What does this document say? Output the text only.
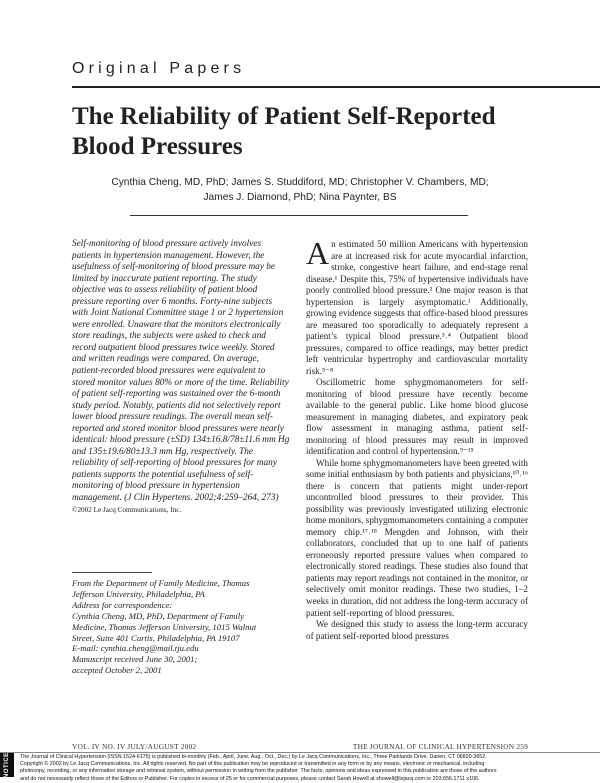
Original Papers
The Reliability of Patient Self-Reported Blood Pressures
Cynthia Cheng, MD, PhD; James S. Studdiford, MD; Christopher V. Chambers, MD;
James J. Diamond, PhD; Nina Paynter, BS
Self-monitoring of blood pressure actively involves patients in hypertension management. However, the usefulness of self-monitoring of blood pressure may be limited by inaccurate patient reporting. The study objective was to assess reliability of patient blood pressure reporting over 6 months. Forty-nine subjects with Joint National Committee stage 1 or 2 hypertension were enrolled. Unaware that the monitors electronically store readings, the subjects were asked to check and record outpatient blood pressures twice weekly. Stored and written readings were compared. On average, patient-recorded blood pressures were equivalent to stored monitor values 80% or more of the time. Reliability of patient self-reporting was sustained over the 6-month study period. Notably, patients did not selectively report lower blood pressure readings. The overall mean self-reported and stored monitor blood pressures were nearly identical: blood pressure (±SD) 134±16.8/78±11.6 mm Hg and 135±19.6/80±13.3 mm Hg, respectively. The reliability of self-reporting of blood pressures for many patients supports the potential usefulness of self-monitoring of blood pressure in hypertension management. (J Clin Hypertens. 2002;4:259–264, 273) ©2002 Le Jacq Communications, Inc.
From the Department of Family Medicine, Thomas
Jefferson University, Philadelphia, PA
Address for correspondence:
Cynthia Cheng, MD, PhD, Department of Family
Medicine, Thomas Jefferson University, 1015 Walnut
Street, Suite 401 Curtis, Philadelphia, PA 19107
E-mail: cynthia.cheng@mail.tju.edu
Manuscript received June 30, 2001;
accepted October 2, 2001

An estimated 50 million Americans with hypertension are at increased risk for acute myocardial infarction, stroke, congestive heart failure, and end-stage renal disease.¹ Despite this, 75% of hypertensive individuals have poorly controlled blood pressure.² One major reason is that hypertension is largely asymptomatic.¹ Additionally, growing evidence suggests that office-based blood pressures are measured too sporadically to adequately represent a patient’s typical blood pressure.³˒⁴ Outpatient blood pressures, compared to office readings, may better predict left ventricular hypertrophy and cardiovascular mortality risk.⁵⁻⁸

Oscillometric home sphygmomanometers for self-monitoring of blood pressure have recently become available to the general public. Like home blood glucose measurement in managing diabetes, and expiratory peak flow assessment in managing asthma, patient self-monitoring of blood pressures may result in improved identification and control of hypertension.⁹⁻¹⁵

While home sphygmomanometers have been greeted with some initial enthusiasm by both patients and physicians,¹⁰˒¹⁶ there is concern that patients might under-report uncontrolled blood pressures to their provider. This possibility was previously investigated utilizing electronic home monitors, sphygmomanometers containing a computer memory chip.¹⁷˒¹⁸ Mengden and Johnson, with their collaborators, concluded that up to one half of patients erroneously reported pressure values when compared to electronically stored readings. These studies also found that patients may report readings not contained in the monitor, or selectively omit monitor readings. These two studies, 1–2 weeks in duration, did not address the long-term accuracy of patient self-reporting of blood pressures.

We designed this study to assess the long-term accuracy of patient self-reported blood pressures

VOL. IV NO. IV JULY/AUGUST 2002	THE JOURNAL OF CLINICAL HYPERTENSION 259
NOTICE	The Journal of Clinical Hypertension (ISSN 1524-6175) is published bi-monthly (Feb., April, June, Aug., Oct., Dec.) by Le Jacq Communications, Inc., Three Parklands Drive, Darien, CT 06820-3652.
Copyright © 2002 by Le Jacq Communications, Inc. All rights reserved. No part of this publication may be reproduced or transmitted in any form or by any means, electronic or mechanical, including
photocopy, recording, or any information storage and retrieval system, without permission in writing from the publisher. The facts, opinions and ideas expressed in this publication are those of the authors
and do not necessarily reflect those of the Editors or Publisher. For copies in excess of 25 or for commercial purposes, please contact Sarah Howell at showell@lejacq.com or 203.656.1711 x106.
